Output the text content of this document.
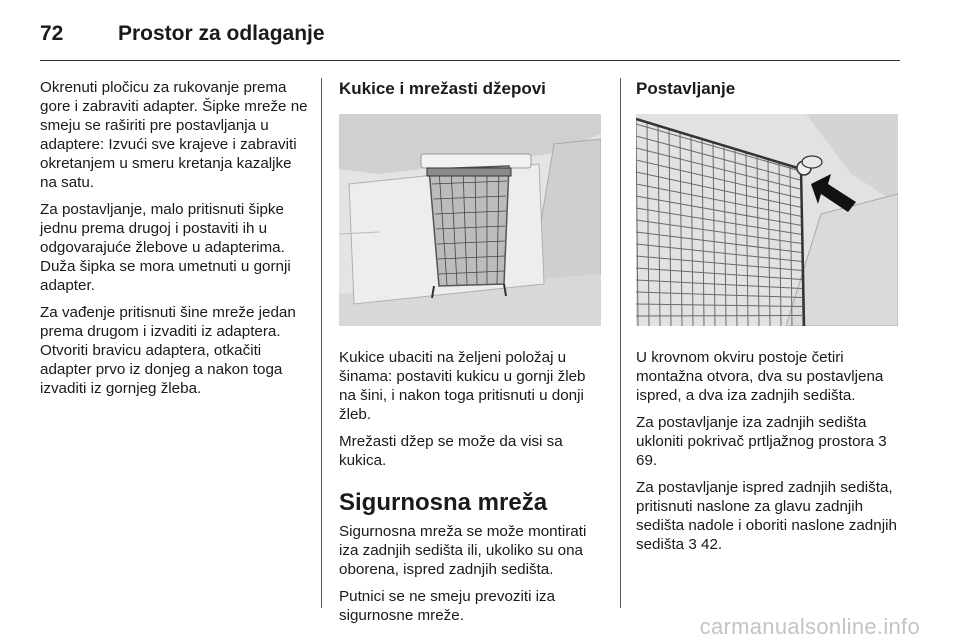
72	Prostor za odlaganje

Okrenuti pločicu za rukovanje prema gore i zabraviti adapter. Šipke mreže ne smeju se raširiti pre postavljanja u adaptere: Izvući sve krajeve i zabraviti okretanjem u smeru kretanja kazaljke na satu.

Za postavljanje, malo pritisnuti šipke jednu prema drugoj i postaviti ih u odgovarajuće žlebove u adapterima. Duža šipka se mora umetnuti u gornji adapter.

Za vađenje pritisnuti šine mreže jedan prema drugom i izvaditi iz adaptera. Otvoriti bravicu adaptera, otkačiti adapter prvo iz donjeg a nakon toga izvaditi iz gornjeg žleba.

Kukice i mrežasti džepovi

Kukice ubaciti na željeni položaj u šinama: postaviti kukicu u gornji žleb na šini, i nakon toga pritisnuti u donji žleb.

Mrežasti džep se može da visi sa kukica.

Sigurnosna mreža

Sigurnosna mreža se može montirati iza zadnjih sedišta ili, ukoliko su ona oborena, ispred zadnjih sedišta.

Putnici se ne smeju prevoziti iza sigurnosne mreže.

Postavljanje

U krovnom okviru postoje četiri montažna otvora, dva su postavljena ispred, a dva iza zadnjih sedišta.

Za postavljanje iza zadnjih sedišta ukloniti pokrivač prtljažnog prostora 3 69.

Za postavljanje ispred zadnjih sedišta, pritisnuti naslone za glavu zadnjih sedišta nadole i oboriti naslone zadnjih sedišta 3 42.

carmanualsonline.info
